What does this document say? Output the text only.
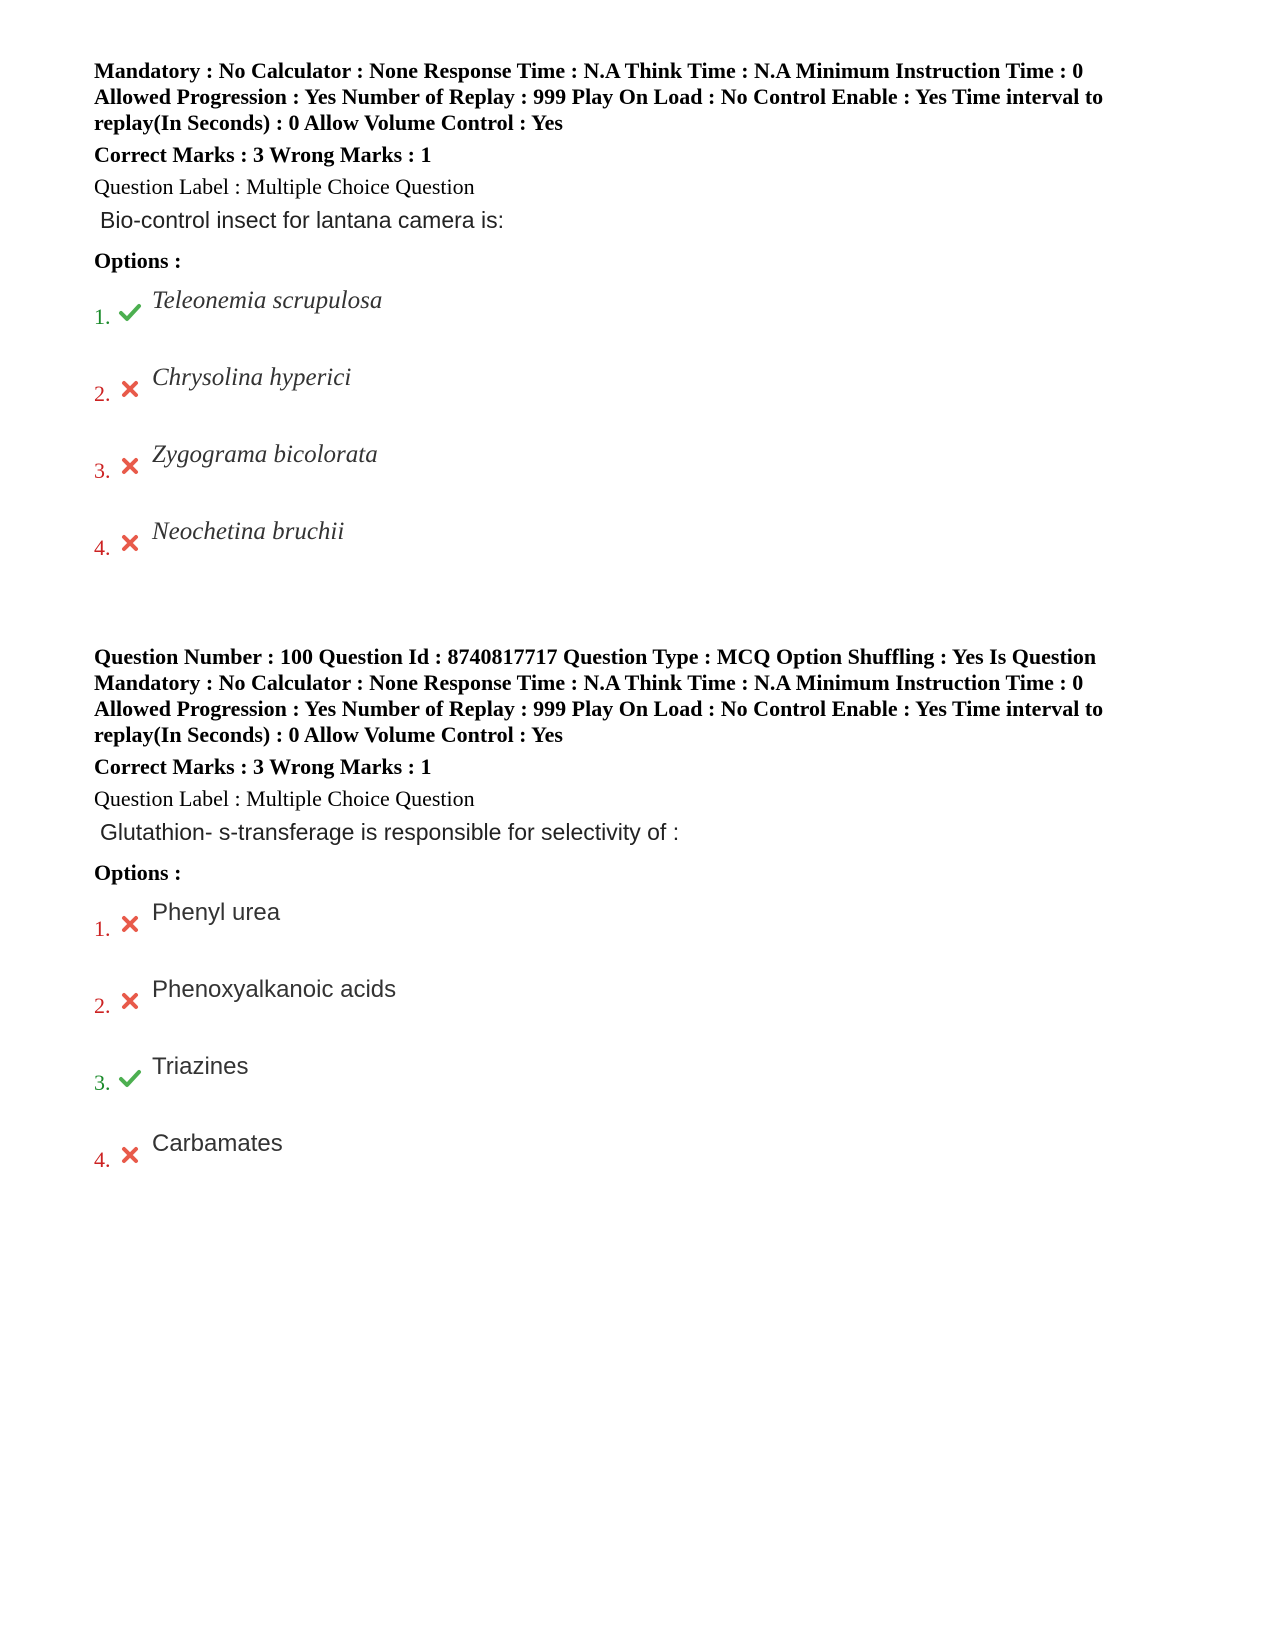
Mandatory : No Calculator : None Response Time : N.A Think Time : N.A Minimum Instruction Time : 0
Allowed Progression : Yes Number of Replay : 999 Play On Load : No Control Enable : Yes Time interval to
replay(In Seconds) : 0 Allow Volume Control : Yes
Correct Marks : 3 Wrong Marks : 1
Question Label : Multiple Choice Question
Bio-control insect for lantana camera is:
Options :
1.
Teleonemia scrupulosa
2.
Chrysolina hyperici
3.
Zygograma bicolorata
4.
Neochetina bruchii
Question Number : 100 Question Id : 8740817717 Question Type : MCQ Option Shuffling : Yes Is Question
Mandatory : No Calculator : None Response Time : N.A Think Time : N.A Minimum Instruction Time : 0
Allowed Progression : Yes Number of Replay : 999 Play On Load : No Control Enable : Yes Time interval to
replay(In Seconds) : 0 Allow Volume Control : Yes
Correct Marks : 3 Wrong Marks : 1
Question Label : Multiple Choice Question
Glutathion- s-transferage is responsible for selectivity of :
Options :
1.
Phenyl urea
2.
Phenoxyalkanoic acids
3.
Triazines
4.
Carbamates
